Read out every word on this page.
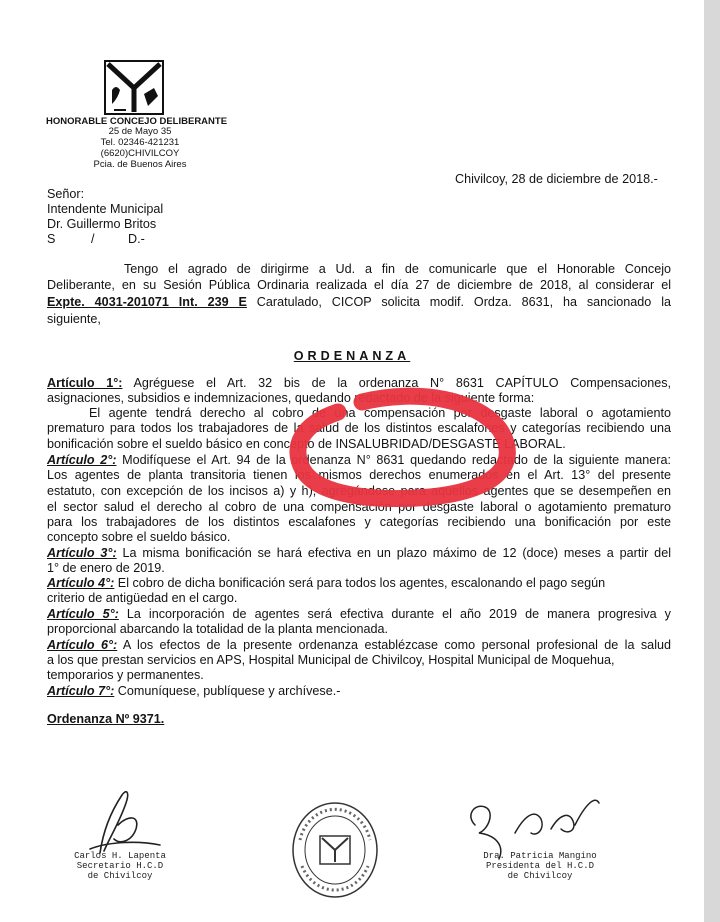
HONORABLE CONCEJO DELIBERANTE
25 de Mayo 35
Tel. 02346-421231
(6620)CHIVILCOY
Pcia. de Buenos Aires
Chivilcoy, 28 de diciembre de 2018.-
Señor:
Intendente Municipal
Dr. Guillermo Britos
S	/	D.-
Tengo el agrado de dirigirme a Ud. a fin de comunicarle que el Honorable Concejo
Deliberante, en su Sesión Pública Ordinaria realizada el día 27 de diciembre de 2018, al considerar el
Expte. 4031-201071 Int. 239 E Caratulado, CICOP solicita modif. Ordza. 8631, ha sancionado la
siguiente,
ORDENANZA
Artículo 1°: Agréguese el Art. 32 bis de la ordenanza N° 8631 CAPÍTULO Compensaciones,
asignaciones, subsidios e indemnizaciones, quedando redactado de la siguiente forma:
El agente tendrá derecho al cobro de una compensación por desgaste laboral o agotamiento
prematuro para todos los trabajadores de la salud de los distintos escalafones y categorías recibiendo una
bonificación sobre el sueldo básico en concepto de INSALUBRIDAD/DESGASTE LABORAL.
Artículo 2°: Modifíquese el Art. 94 de la ordenanza N° 8631 quedando redactado de la siguiente manera:
Los agentes de planta transitoria tienen los mismos derechos enumerados en el Art. 13° del presente
estatuto, con excepción de los incisos a) y h), agregándose para aquellos agentes que se desempeñen en
el sector salud el derecho al cobro de una compensación por desgaste laboral o agotamiento prematuro
para los trabajadores de los distintos escalafones y categorías recibiendo una bonificación por este
concepto sobre el sueldo básico.
Artículo 3°: La misma bonificación se hará efectiva en un plazo máximo de 12 (doce) meses a partir del
1° de enero de 2019.
Artículo 4°: El cobro de dicha bonificación será para todos los agentes, escalonando el pago según
criterio de antigüedad en el cargo.
Artículo 5°: La incorporación de agentes será efectiva durante el año 2019 de manera progresiva y
proporcional abarcando la totalidad de la planta mencionada.
Artículo 6°: A los efectos de la presente ordenanza establézcase como personal profesional de la salud
a los que prestan servicios en APS, Hospital Municipal de Chivilcoy, Hospital Municipal de Moquehua,
temporarios y permanentes.
Artículo 7°: Comuníquese, publíquese y archívese.-
Ordenanza Nº 9371.
Carlos H. Lapenta
Secretario H.C.D
de Chivilcoy
Dra. Patricia Mangino
Presidenta del H.C.D
de Chivilcoy
